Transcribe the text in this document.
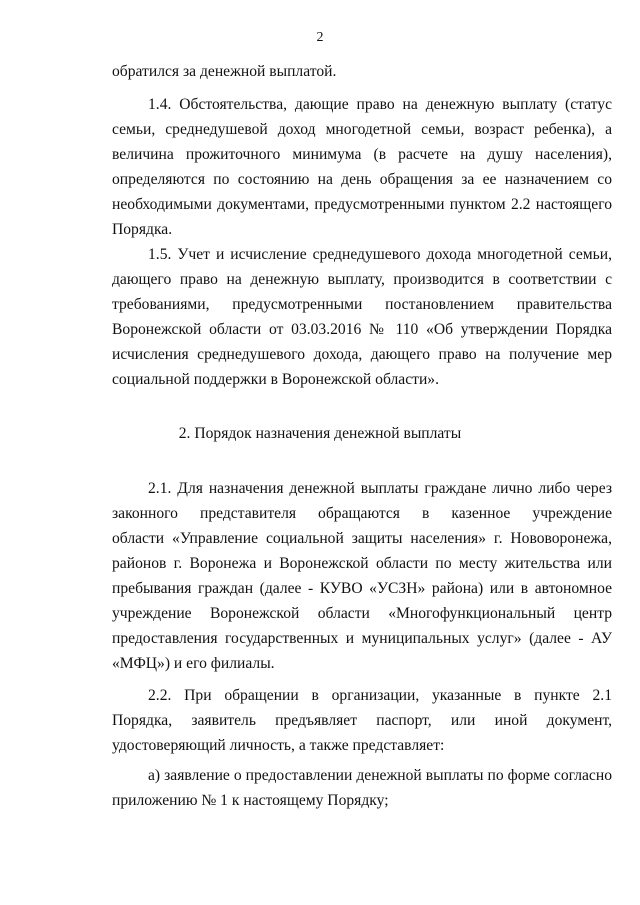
2
обратился за денежной выплатой.
1.4. Обстоятельства, дающие право на денежную выплату (статус
семьи, среднедушевой доход многодетной семьи, возраст ребенка), а
величина прожиточного минимума (в расчете на душу населения),
определяются по состоянию на день обращения за ее назначением со
необходимыми документами, предусмотренными пунктом 2.2 настоящего
Порядка.
1.5. Учет и исчисление среднедушевого дохода многодетной семьи,
дающего право на денежную выплату, производится в соответствии с
требованиями, предусмотренными постановлением правительства
Воронежской области от 03.03.2016 № 110 «Об утверждении Порядка
исчисления среднедушевого дохода, дающего право на получение мер
социальной поддержки в Воронежской области».
2. Порядок назначения денежной выплаты
2.1. Для назначения денежной выплаты граждане лично либо через
законного представителя обращаются в казенное учреждение
области «Управление социальной защиты населения» г. Нововоронежа,
районов г. Воронежа и Воронежской области по месту жительства или
пребывания граждан (далее - КУВО «УСЗН» района) или в автономное
учреждение Воронежской области «Многофункциональный центр
предоставления государственных и муниципальных услуг» (далее - АУ
«МФЦ») и его филиалы.
2.2. При обращении в организации, указанные в пункте 2.1
Порядка, заявитель предъявляет паспорт, или иной документ,
удостоверяющий личность, а также представляет:
а) заявление о предоставлении денежной выплаты по форме согласно
приложению № 1 к настоящему Порядку;
